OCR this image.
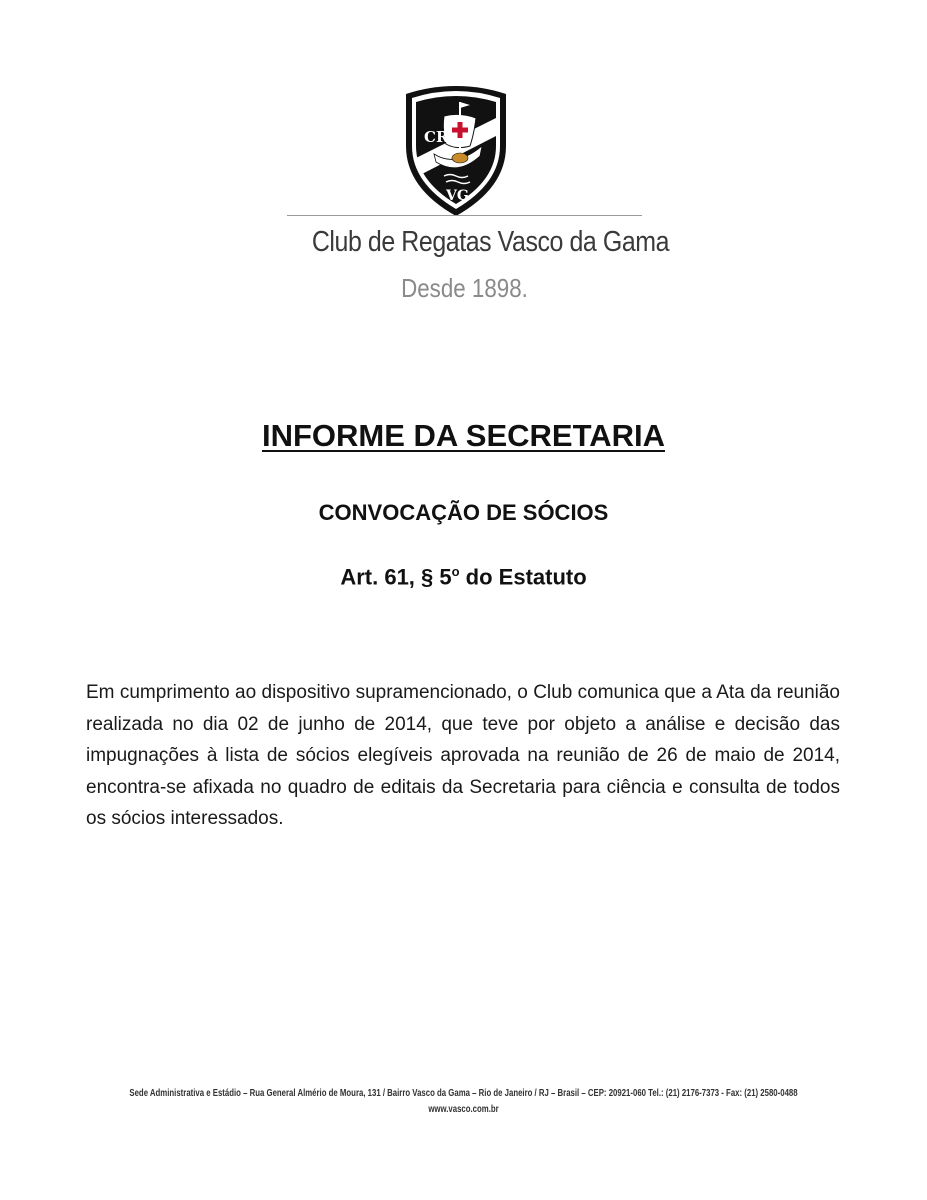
CR
VG
Club de Regatas Vasco da Gama
Desde 1898.
INFORME DA SECRETARIA
CONVOCAÇÃO DE SÓCIOS
Art. 61, § 5$^o$ do Estatuto
Em cumprimento ao dispositivo supramencionado, o Club comunica que a Ata da reunião realizada no dia 02 de junho de 2014, que teve por objeto a análise e decisão das impugnações à lista de sócios elegíveis aprovada na reunião de 26 de maio de 2014, encontra-se afixada no quadro de editais da Secretaria para ciência e consulta de todos os sócios interessados.
Sede Administrativa e Estádio – Rua General Almério de Moura, 131 / Bairro Vasco da Gama – Rio de Janeiro / RJ – Brasil – CEP: 20921-060 Tel.: (21) 2176-7373 - Fax: (21) 2580-0488
www.vasco.com.br
